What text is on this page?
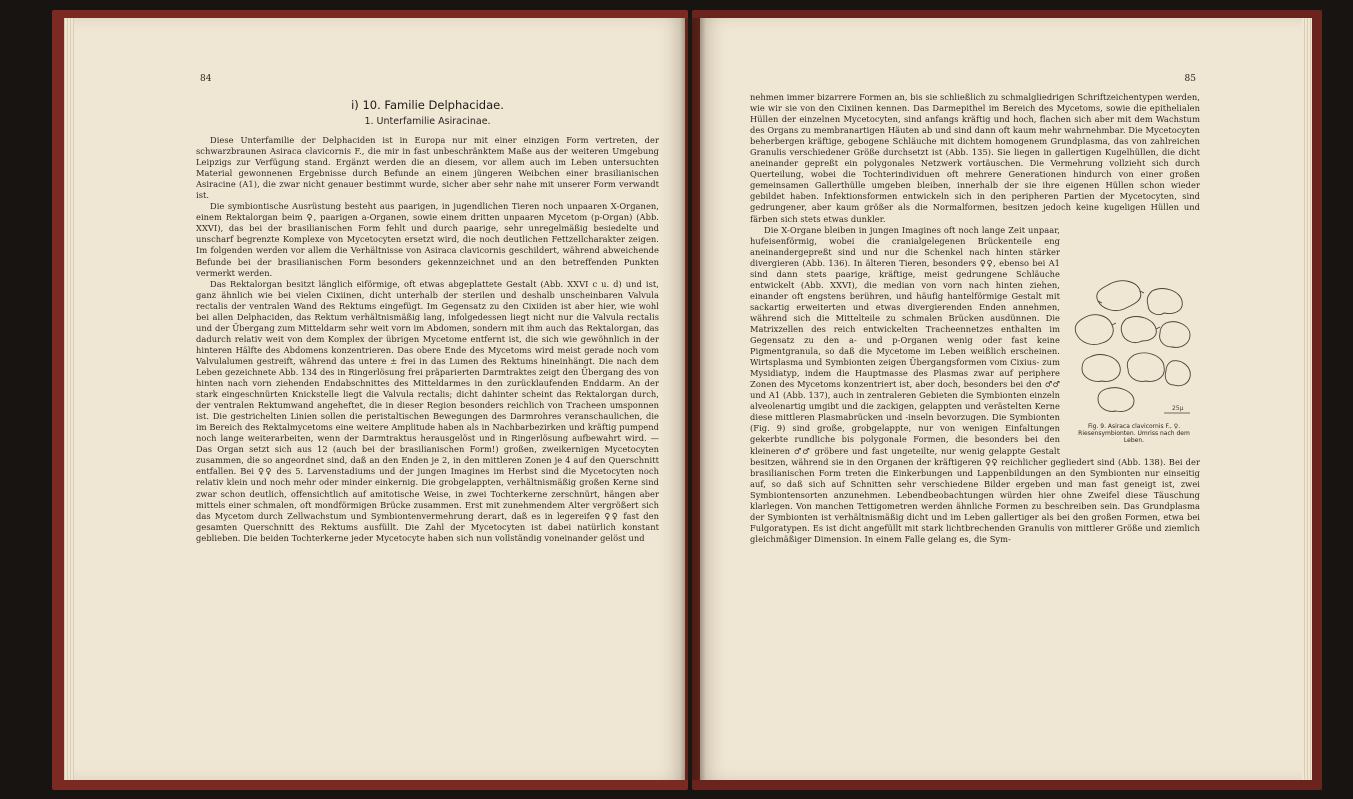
84
i) 10. Familie Delphacidae.
1. Unterfamilie Asiracinae.

Diese Unterfamilie der Delphaciden ist in Europa nur mit einer einzigen Form vertreten, der schwarzbraunen Asiraca clavicornis F., die mir in fast unbeschränktem Maße aus der weiteren Umgebung Leipzigs zur Verfügung stand. Ergänzt werden die an diesem, vor allem auch im Leben untersuchten Material gewonnenen Ergebnisse durch Befunde an einem jüngeren Weibchen einer brasilianischen Asiracine (A1), die zwar nicht genauer bestimmt wurde, sicher aber sehr nahe mit unserer Form verwandt ist.

Die symbiontische Ausrüstung besteht aus paarigen, in jugendlichen Tieren noch unpaaren X-Organen, einem Rektalorgan beim ♀, paarigen a-Organen, sowie einem dritten unpaaren Mycetom (p-Organ) (Abb. XXVI), das bei der brasilianischen Form fehlt und durch paarige, sehr unregelmäßig besiedelte und unscharf begrenzte Komplexe von Mycetocyten ersetzt wird, die noch deutlichen Fettzellcharakter zeigen. Im folgenden werden vor allem die Verhältnisse von Asiraca clavicornis geschildert, während abweichende Befunde bei der brasilianischen Form besonders gekennzeichnet und an den betreffenden Punkten vermerkt werden.

Das Rektalorgan besitzt länglich eiförmige, oft etwas abgeplattete Gestalt (Abb. XXVI c u. d) und ist, ganz ähnlich wie bei vielen Cixiinen, dicht unterhalb der sterilen und deshalb unscheinbaren Valvula rectalis der ventralen Wand des Rektums eingefügt. Im Gegensatz zu den Cixiiden ist aber hier, wie wohl bei allen Delphaciden, das Rektum verhältnismäßig lang, infolgedessen liegt nicht nur die Valvula rectalis und der Übergang zum Mitteldarm sehr weit vorn im Abdomen, sondern mit ihm auch das Rektalorgan, das dadurch relativ weit von dem Komplex der übrigen Mycetome entfernt ist, die sich wie gewöhnlich in der hinteren Hälfte des Abdomens konzentrieren. Das obere Ende des Mycetoms wird meist gerade noch vom Valvulalumen gestreift, während das untere ± frei in das Lumen des Rektums hineinhängt. Die nach dem Leben gezeichnete Abb. 134 des in Ringerlösung frei präparierten Darmtraktes zeigt den Übergang des von hinten nach vorn ziehenden Endabschnittes des Mitteldarmes in den zurücklaufenden Enddarm. An der stark eingeschnürten Knickstelle liegt die Valvula rectalis; dicht dahinter scheint das Rektalorgan durch, der ventralen Rektumwand angeheftet, die in dieser Region besonders reichlich von Tracheen umsponnen ist. Die gestrichelten Linien sollen die peristaltischen Bewegungen des Darmrohres veranschaulichen, die im Bereich des Rektalmycetoms eine weitere Amplitude haben als in Nachbarbezirken und kräftig pumpend noch lange weiterarbeiten, wenn der Darmtraktus herausgelöst und in Ringerlösung aufbewahrt wird. — Das Organ setzt sich aus 12 (auch bei der brasilianischen Form!) großen, zweikernigen Mycetocyten zusammen, die so angeordnet sind, daß an den Enden je 2, in den mittleren Zonen je 4 auf den Querschnitt entfallen. Bei ♀♀ des 5. Larvenstadiums und der jungen Imagines im Herbst sind die Mycetocyten noch relativ klein und noch mehr oder minder einkernig. Die grobgelappten, verhältnismäßig großen Kerne sind zwar schon deutlich, offensichtlich auf amitotische Weise, in zwei Tochterkerne zerschnürt, hängen aber mittels einer schmalen, oft mondförmigen Brücke zusammen. Erst mit zunehmendem Alter vergrößert sich das Mycetom durch Zellwachstum und Symbiontenvermehrung derart, daß es in legereifen ♀♀ fast den gesamten Querschnitt des Rektums ausfüllt. Die Zahl der Mycetocyten ist dabei natürlich konstant geblieben. Die beiden Tochterkerne jeder Mycetocyte haben sich nun vollständig voneinander gelöst und

85

nehmen immer bizarrere Formen an, bis sie schließlich zu schmalgliedrigen Schriftzeichentypen werden, wie wir sie von den Cixiinen kennen. Das Darmepithel im Bereich des Mycetoms, sowie die epithelialen Hüllen der einzelnen Mycetocyten, sind anfangs kräftig und hoch, flachen sich aber mit dem Wachstum des Organs zu membranartigen Häuten ab und sind dann oft kaum mehr wahrnehmbar. Die Mycetocyten beherbergen kräftige, gebogene Schläuche mit dichtem homogenem Grundplasma, das von zahlreichen Granulis verschiedener Größe durchsetzt ist (Abb. 135). Sie liegen in gallertigen Kugelhüllen, die dicht aneinander gepreßt ein polygonales Netzwerk vortäuschen. Die Vermehrung vollzieht sich durch Querteilung, wobei die Tochterindividuen oft mehrere Generationen hindurch von einer großen gemeinsamen Gallerthülle umgeben bleiben, innerhalb der sie ihre eigenen Hüllen schon wieder gebildet haben. Infektionsformen entwickeln sich in den peripheren Partien der Mycetocyten, sind gedrungener, aber kaum größer als die Normalformen, besitzen jedoch keine kugeligen Hüllen und färben sich stets etwas dunkler.

25µ
Fig. 9. Asiraca clavicornis F., ♀. Riesensymbionten. Umriss nach dem Leben.

Die X-Organe bleiben in jungen Imagines oft noch lange Zeit unpaar, hufeisenförmig, wobei die cranialgelegenen Brückenteile eng aneinandergepreßt sind und nur die Schenkel nach hinten stärker divergieren (Abb. 136). In älteren Tieren, besonders ♀♀, ebenso bei A1 sind dann stets paarige, kräftige, meist gedrungene Schläuche entwickelt (Abb. XXVI), die median von vorn nach hinten ziehen, einander oft engstens berühren, und häufig hantelförmige Gestalt mit sackartig erweiterten und etwas divergierenden Enden annehmen, während sich die Mittelteile zu schmalen Brücken ausdünnen. Die Matrixzellen des reich entwickelten Tracheennetzes enthalten im Gegensatz zu den a- und p-Organen wenig oder fast keine Pigmentgranula, so daß die Mycetome im Leben weißlich erscheinen. Wirtsplasma und Symbionten zeigen Übergangsformen vom Cixius- zum Mysidiatyp, indem die Hauptmasse des Plasmas zwar auf periphere Zonen des Mycetoms konzentriert ist, aber doch, besonders bei den ♂♂ und A1 (Abb. 137), auch in zentraleren Gebieten die Symbionten einzeln alveolenartig umgibt und die zackigen, gelappten und verästelten Kerne diese mittleren Plasmabrücken und -inseln bevorzugen. Die Symbionten (Fig. 9) sind große, grobgelappte, nur von wenigen Einfaltungen gekerbte rundliche bis polygonale Formen, die besonders bei den kleineren ♂♂ gröbere und fast ungeteilte, nur wenig gelappte Gestalt besitzen, während sie in den Organen der kräftigeren ♀♀ reichlicher gegliedert sind (Abb. 138). Bei der brasilianischen Form treten die Einkerbungen und Lappenbildungen an den Symbionten nur einseitig auf, so daß sich auf Schnitten sehr verschiedene Bilder ergeben und man fast geneigt ist, zwei Symbiontensorten anzunehmen. Lebendbeobachtungen würden hier ohne Zweifel diese Täuschung klarlegen. Von manchen Tettigometren werden ähnliche Formen zu beschreiben sein. Das Grundplasma der Symbionten ist verhältnismäßig dicht und im Leben gallertiger als bei den großen Formen, etwa bei Fulgoratypen. Es ist dicht angefüllt mit stark lichtbrechenden Granulis von mittlerer Größe und ziemlich gleichmäßiger Dimension. In einem Falle gelang es, die Sym-
